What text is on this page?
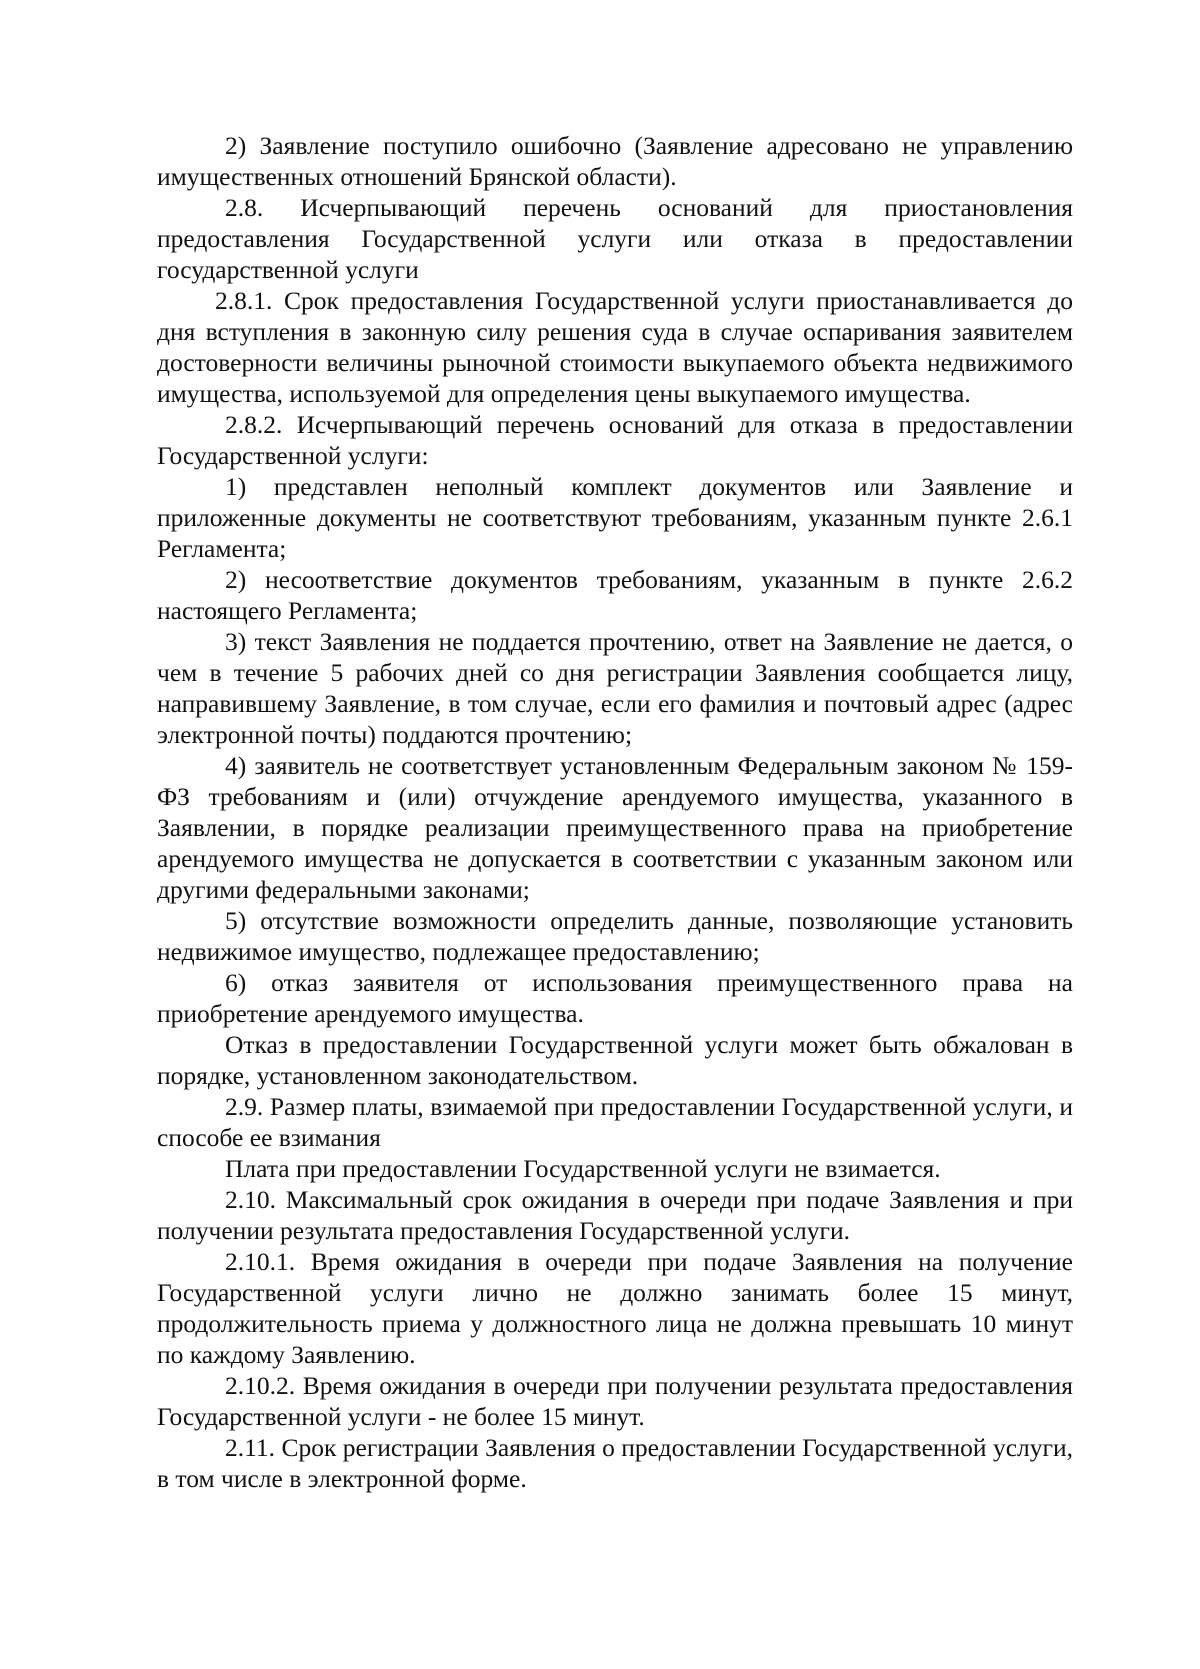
2) Заявление поступило ошибочно (Заявление адресовано не управлению имущественных отношений Брянской области).

2.8. Исчерпывающий перечень оснований для приостановления предоставления Государственной услуги или отказа в предоставлении государственной услуги

2.8.1. Срок предоставления Государственной услуги приостанавливается до дня вступления в законную силу решения суда в случае оспаривания заявителем достоверности величины рыночной стоимости выкупаемого объекта недвижимого имущества, используемой для определения цены выкупаемого имущества.

2.8.2. Исчерпывающий перечень оснований для отказа в предоставлении Государственной услуги:

1) представлен неполный комплект документов или Заявление и приложенные документы не соответствуют требованиям, указанным пункте 2.6.1 Регламента;

2) несоответствие документов требованиям, указанным в пункте 2.6.2 настоящего Регламента;

3) текст Заявления не поддается прочтению, ответ на Заявление не дается, о чем в течение 5 рабочих дней со дня регистрации Заявления сообщается лицу, направившему Заявление, в том случае, если его фамилия и почтовый адрес (адрес электронной почты) поддаются прочтению;

4) заявитель не соответствует установленным Федеральным законом № 159-ФЗ требованиям и (или) отчуждение арендуемого имущества, указанного в Заявлении, в порядке реализации преимущественного права на приобретение арендуемого имущества не допускается в соответствии с указанным законом или другими федеральными законами;

5) отсутствие возможности определить данные, позволяющие установить недвижимое имущество, подлежащее предоставлению;

6) отказ заявителя от использования преимущественного права на приобретение арендуемого имущества.

Отказ в предоставлении Государственной услуги может быть обжалован в порядке, установленном законодательством.

2.9. Размер платы, взимаемой при предоставлении Государственной услуги, и способе ее взимания

Плата при предоставлении Государственной услуги не взимается.

2.10. Максимальный срок ожидания в очереди при подаче Заявления и при получении результата предоставления Государственной услуги.

2.10.1. Время ожидания в очереди при подаче Заявления на получение Государственной услуги лично не должно занимать более 15 минут, продолжительность приема у должностного лица не должна превышать 10 минут по каждому Заявлению.

2.10.2. Время ожидания в очереди при получении результата предоставления Государственной услуги - не более 15 минут.

2.11. Срок регистрации Заявления о предоставлении Государственной услуги, в том числе в электронной форме.
